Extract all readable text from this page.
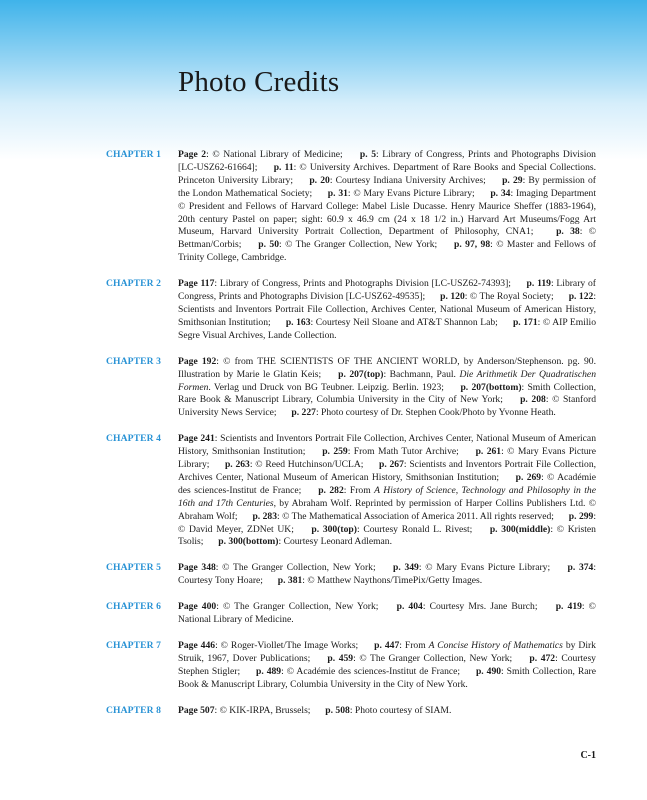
Photo Credits
CHAPTER 1	Page 2: © National Library of Medicine; p. 5: Library of Congress, Prints and Photographs Division [LC-USZ62-61664]; p. 11: © University Archives. Department of Rare Books and Special Collections. Princeton University Library; p. 20: Courtesy Indiana University Archives; p. 29: By permission of the London Mathematical Society; p. 31: © Mary Evans Picture Library; p. 34: Imaging Department © President and Fellows of Harvard College: Mabel Lisle Ducasse. Henry Maurice Sheffer (1883-1964), 20th century Pastel on paper; sight: 60.9 x 46.9 cm (24 x 18 1/2 in.) Harvard Art Museums/Fogg Art Museum, Harvard University Portrait Collection, Department of Philosophy, CNA1; p. 38: © Bettman/Corbis; p. 50: © The Granger Collection, New York; p. 97, 98: © Master and Fellows of Trinity College, Cambridge.

CHAPTER 2	Page 117: Library of Congress, Prints and Photographs Division [LC-USZ62-74393]; p. 119: Library of Congress, Prints and Photographs Division [LC-USZ62-49535]; p. 120: © The Royal Society; p. 122: Scientists and Inventors Portrait File Collection, Archives Center, National Museum of American History, Smithsonian Institution; p. 163: Courtesy Neil Sloane and AT&T Shannon Lab; p. 171: © AIP Emilio Segre Visual Archives, Lande Collection.

CHAPTER 3	Page 192: © from THE SCIENTISTS OF THE ANCIENT WORLD, by Anderson/Stephenson. pg. 90. Illustration by Marie le Glatin Keis; p. 207(top): Bachmann, Paul. Die Arithmetik Der Quadratischen Formen. Verlag und Druck von BG Teubner. Leipzig. Berlin. 1923; p. 207(bottom): Smith Collection, Rare Book & Manuscript Library, Columbia University in the City of New York; p. 208: © Stanford University News Service; p. 227: Photo courtesy of Dr. Stephen Cook/Photo by Yvonne Heath.

CHAPTER 4	Page 241: Scientists and Inventors Portrait File Collection, Archives Center, National Museum of American History, Smithsonian Institution; p. 259: From Math Tutor Archive; p. 261: © Mary Evans Picture Library; p. 263: © Reed Hutchinson/UCLA; p. 267: Scientists and Inventors Portrait File Collection, Archives Center, National Museum of American History, Smithsonian Institution; p. 269: © Académie des sciences-Institut de France; p. 282: From A History of Science, Technology and Philosophy in the 16th and 17th Centuries, by Abraham Wolf. Reprinted by permission of Harper Collins Publishers Ltd. © Abraham Wolf; p. 283: © The Mathematical Association of America 2011. All rights reserved; p. 299: © David Meyer, ZDNet UK; p. 300(top): Courtesy Ronald L. Rivest; p. 300(middle): © Kristen Tsolis; p. 300(bottom): Courtesy Leonard Adleman.

CHAPTER 5	Page 348: © The Granger Collection, New York; p. 349: © Mary Evans Picture Library; p. 374: Courtesy Tony Hoare; p. 381: © Matthew Naythons/TimePix/Getty Images.

CHAPTER 6	Page 400: © The Granger Collection, New York; p. 404: Courtesy Mrs. Jane Burch; p. 419: © National Library of Medicine.

CHAPTER 7	Page 446: © Roger-Viollet/The Image Works; p. 447: From A Concise History of Mathematics by Dirk Struik, 1967, Dover Publications; p. 459: © The Granger Collection, New York; p. 472: Courtesy Stephen Stigler; p. 489: © Académie des sciences-Institut de France; p. 490: Smith Collection, Rare Book & Manuscript Library, Columbia University in the City of New York.

CHAPTER 8	Page 507: © KIK-IRPA, Brussels; p. 508: Photo courtesy of SIAM.

C-1
